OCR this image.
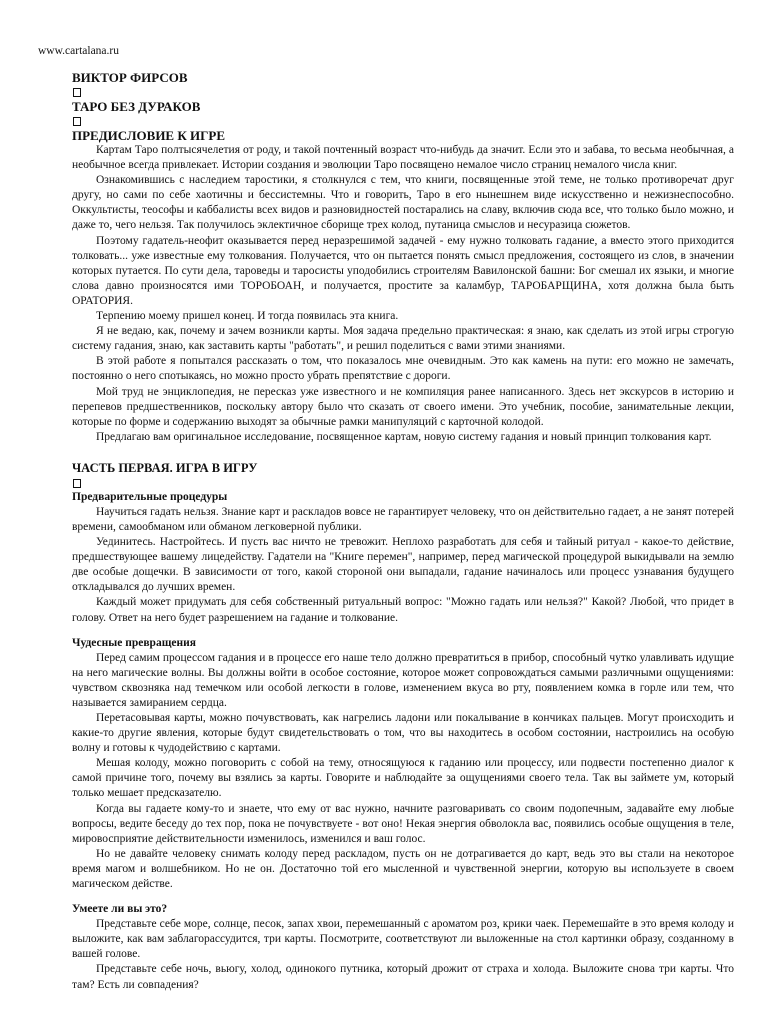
www.cartalana.ru
ВИКТОР ФИРСОВ
ТАРО БЕЗ ДУРАКОВ
ПРЕДИСЛОВИЕ К ИГРЕ

Картам Таро полтысячелетия от роду, и такой почтенный возраст что-нибудь да значит. Если это и забава, то весьма необычная, а необычное всегда привлекает. Истории создания и эволюции Таро посвящено немалое число страниц немалого числа книг.

Ознакомившись с наследием таростики, я столкнулся с тем, что книги, посвященные этой теме, не только противоречат друг другу, но сами по себе хаотичны и бессистемны. Что и говорить, Таро в его нынешнем виде искусственно и нежизнеспособно. Оккультисты, теософы и каббалисты всех видов и разновидностей постарались на славу, включив сюда все, что только было можно, и даже то, чего нельзя. Так получилось эклектичное сборище трех колод, путаница смыслов и несуразица сюжетов.

Поэтому гадатель-неофит оказывается перед неразрешимой задачей - ему нужно толковать гадание, а вместо этого приходится толковать... уже известные ему толкования. Получается, что он пытается понять смысл предложения, состоящего из слов, в значении которых путается. По сути дела, тароведы и таросисты уподобились строителям Вавилонской башни: Бог смешал их языки, и многие слова давно произносятся ими ТОРОБОАН, и получается, простите за каламбур, ТАРОБАРЩИНА, хотя должна была быть ОРАТОРИЯ.

Терпению моему пришел конец. И тогда появилась эта книга.

Я не ведаю, как, почему и зачем возникли карты. Моя задача предельно практическая: я знаю, как сделать из этой игры строгую систему гадания, знаю, как заставить карты "работать", и решил поделиться с вами этими знаниями.

В этой работе я попытался рассказать о том, что показалось мне очевидным. Это как камень на пути: его можно не замечать, постоянно о него спотыкаясь, но можно просто убрать препятствие с дороги.

Мой труд не энциклопедия, не пересказ уже известного и не компиляция ранее написанного. Здесь нет экскурсов в историю и перепевов предшественников, поскольку автору было что сказать от своего имени. Это учебник, пособие, занимательные лекции, которые по форме и содержанию выходят за обычные рамки манипуляций с карточной колодой.

Предлагаю вам оригинальное исследование, посвященное картам, новую систему гадания и новый принцип толкования карт.

ЧАСТЬ ПЕРВАЯ. ИГРА В ИГРУ
Предварительные процедуры

Научиться гадать нельзя. Знание карт и раскладов вовсе не гарантирует человеку, что он действительно гадает, а не занят потерей времени, самообманом или обманом легковерной публики.

Уединитесь. Настройтесь. И пусть вас ничто не тревожит. Неплохо разработать для себя и тайный ритуал - какое-то действие, предшествующее вашему лицедейству. Гадатели на "Книге перемен", например, перед магической процедурой выкидывали на землю две особые дощечки. В зависимости от того, какой стороной они выпадали, гадание начиналось или процесс узнавания будущего откладывался до лучших времен.

Каждый может придумать для себя собственный ритуальный вопрос: "Можно гадать или нельзя?" Какой? Любой, что придет в голову. Ответ на него будет разрешением на гадание и толкование.

Чудесные превращения

Перед самим процессом гадания и в процессе его наше тело должно превратиться в прибор, способный чутко улавливать идущие на него магические волны. Вы должны войти в особое состояние, которое может сопровождаться самыми различными ощущениями: чувством сквозняка над темечком или особой легкости в голове, изменением вкуса во рту, появлением комка в горле или тем, что называется замиранием сердца.

Перетасовывая карты, можно почувствовать, как нагрелись ладони или покалывание в кончиках пальцев. Могут происходить и какие-то другие явления, которые будут свидетельствовать о том, что вы находитесь в особом состоянии, настроились на особую волну и готовы к чудодействию с картами.

Мешая колоду, можно поговорить с собой на тему, относящуюся к гаданию или процессу, или подвести постепенно диалог к самой причине того, почему вы взялись за карты. Говорите и наблюдайте за ощущениями своего тела. Так вы займете ум, который только мешает предсказателю.

Когда вы гадаете кому-то и знаете, что ему от вас нужно, начните разговаривать со своим подопечным, задавайте ему любые вопросы, ведите беседу до тех пор, пока не почувствуете - вот оно! Некая энергия обволокла вас, появились особые ощущения в теле, мировосприятие действительности изменилось, изменился и ваш голос.

Но не давайте человеку снимать колоду перед раскладом, пусть он не дотрагивается до карт, ведь это вы стали на некоторое время магом и волшебником. Но не он. Достаточно той его мысленной и чувственной энергии, которую вы используете в своем магическом действе.

Умеете ли вы это?

Представьте себе море, солнце, песок, запах хвои, перемешанный с ароматом роз, крики чаек. Перемешайте в это время колоду и выложите, как вам заблагорассудится, три карты. Посмотрите, соответствуют ли выложенные на стол картинки образу, созданному в вашей голове.

Представьте себе ночь, вьюгу, холод, одинокого путника, который дрожит от страха и холода. Выложите снова три карты. Что там? Есть ли совпадения?
